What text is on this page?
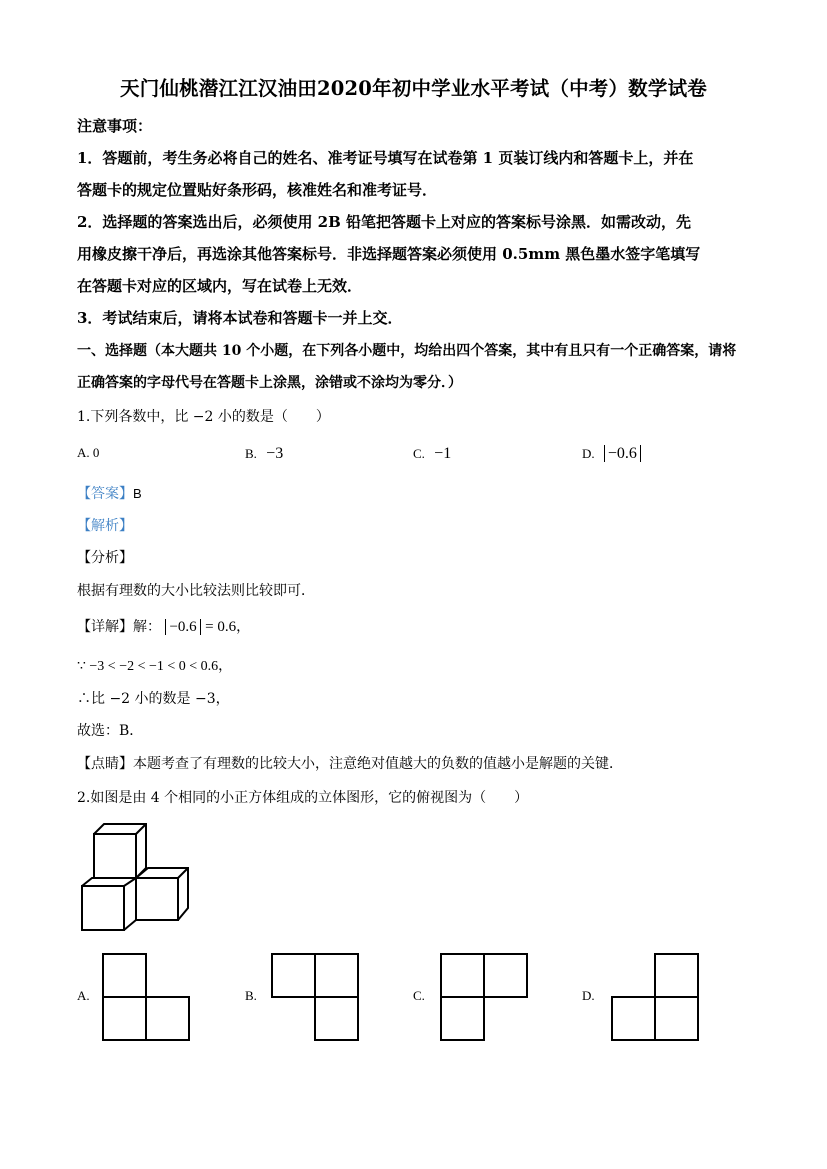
天门仙桃潜江江汉油田2020年初中学业水平考试（中考）数学试卷
注意事项：
1．答题前，考生务必将自己的姓名、准考证号填写在试卷第 1 页装订线内和答题卡上，并在
答题卡的规定位置贴好条形码，核准姓名和准考证号．
2．选择题的答案选出后，必须使用 2B 铅笔把答题卡上对应的答案标号涂黑．如需改动，先
用橡皮擦干净后，再选涂其他答案标号．非选择题答案必须使用 0.5mm 黑色墨水签字笔填写
在答题卡对应的区域内，写在试卷上无效．
3．考试结束后，请将本试卷和答题卡一并上交．
一、选择题（本大题共 10 个小题，在下列各小题中，均给出四个答案，其中有且只有一个正确答案，请将
正确答案的字母代号在答题卡上涂黑，涂错或不涂均为零分．）
1.下列各数中，比 −2 小的数是（　　）
A. 0	B. −3	C. −1	D. −0.6
【答案】B
【解析】
【分析】
根据有理数的大小比较法则比较即可．
【详解】解： −0.6 = 0.6，
∵ −3 < −2 < −1 < 0 < 0.6，
∴比 −2 小的数是 −3，
故选：B．
【点睛】本题考查了有理数的比较大小，注意绝对值越大的负数的值越小是解题的关键．
2.如图是由 4 个相同的小正方体组成的立体图形，它的俯视图为（　　）
A.	B.	C.	D.
